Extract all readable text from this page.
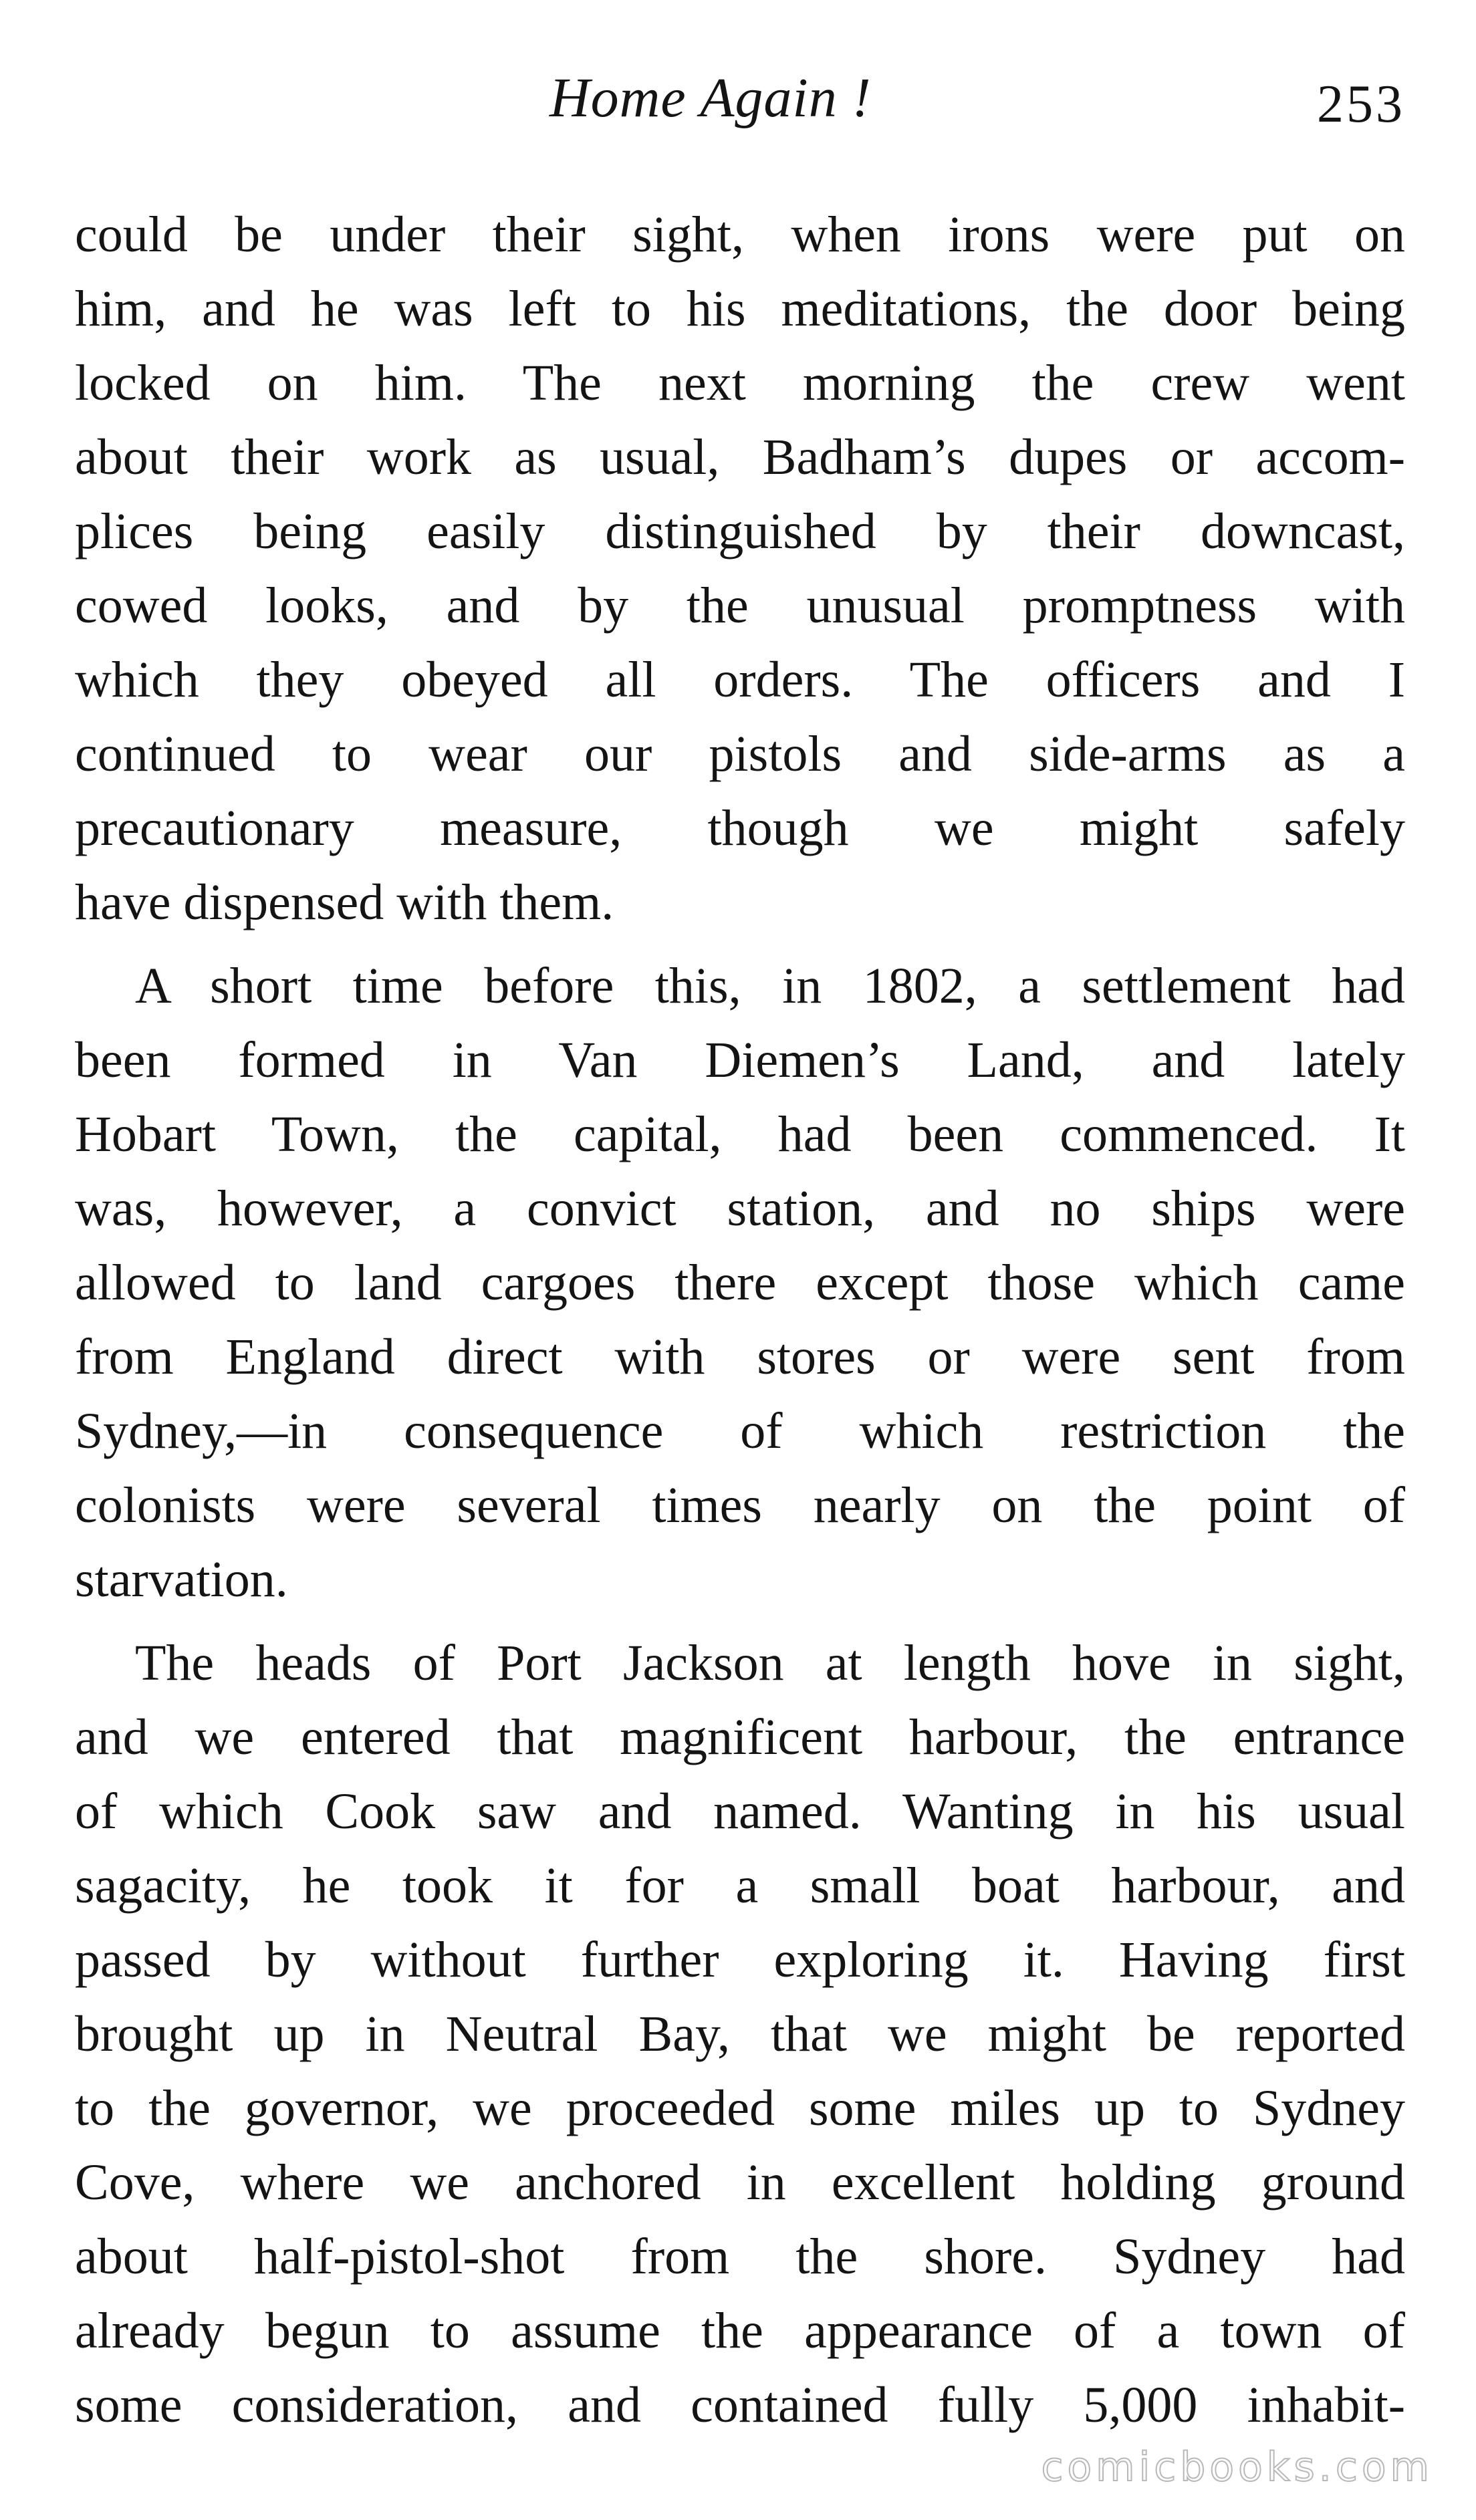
Home Again !	253
could be under their sight, when irons were put on
him, and he was left to his meditations, the door being
locked on him. The next morning the crew went
about their work as usual, Badham’s dupes or accom-
plices being easily distinguished by their downcast,
cowed looks, and by the unusual promptness with
which they obeyed all orders. The officers and I
continued to wear our pistols and side-arms as a
precautionary measure, though we might safely
have dispensed with them.
A short time before this, in 1802, a settlement had
been formed in Van Diemen’s Land, and lately
Hobart Town, the capital, had been commenced. It
was, however, a convict station, and no ships were
allowed to land cargoes there except those which came
from England direct with stores or were sent from
Sydney,—in consequence of which restriction the
colonists were several times nearly on the point of
starvation.
The heads of Port Jackson at length hove in sight,
and we entered that magnificent harbour, the entrance
of which Cook saw and named. Wanting in his usual
sagacity, he took it for a small boat harbour, and
passed by without further exploring it. Having first
brought up in Neutral Bay, that we might be reported
to the governor, we proceeded some miles up to Sydney
Cove, where we anchored in excellent holding ground
about half-pistol-shot from the shore. Sydney had
already begun to assume the appearance of a town of
some consideration, and contained fully 5,000 inhabit-
comicbooks.com
